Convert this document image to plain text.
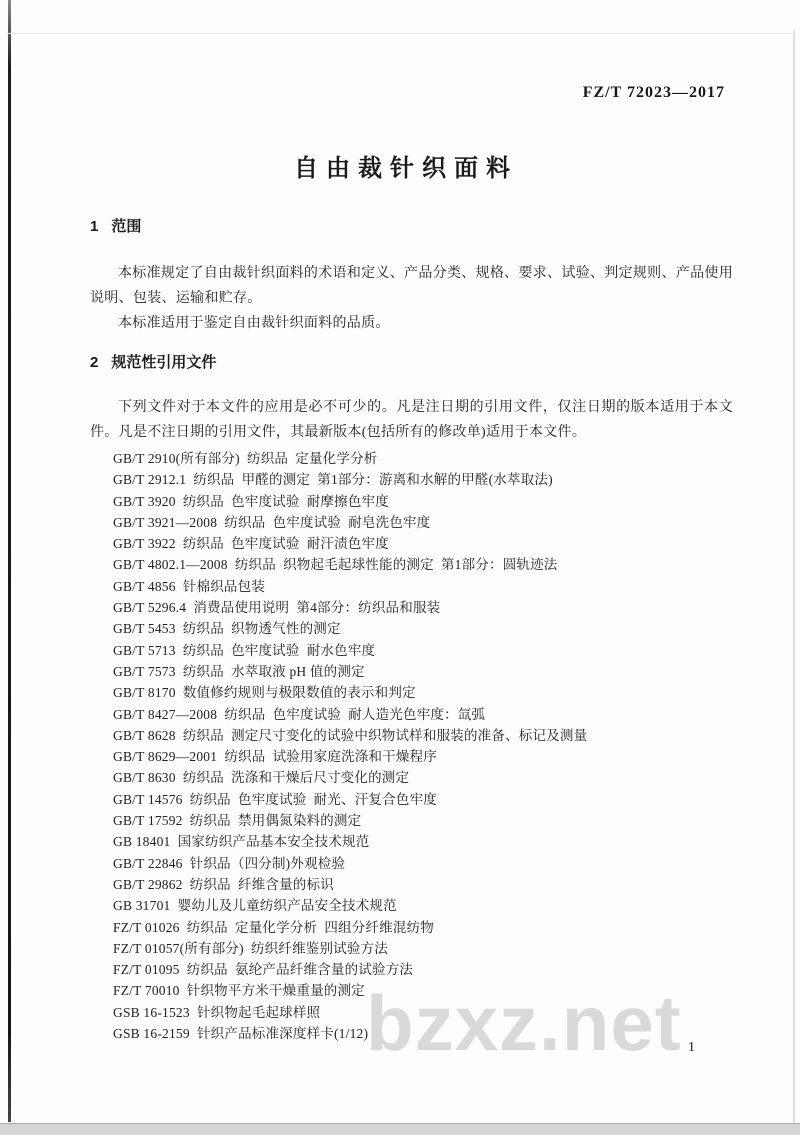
bzxz.net
FZ/T 72023—2017
自由裁针织面料
1 范围

本标准规定了自由裁针织面料的术语和定义、产品分类、规格、要求、试验、判定规则、产品使用说明、包装、运输和贮存。

本标准适用于鉴定自由裁针织面料的品质。

2 规范性引用文件

下列文件对于本文件的应用是必不可少的。凡是注日期的引用文件，仅注日期的版本适用于本文件。凡是不注日期的引用文件，其最新版本(包括所有的修改单)适用于本文件。

GB/T 2910(所有部分)  纺织品  定量化学分析
GB/T 2912.1  纺织品  甲醛的测定  第1部分：游离和水解的甲醛(水萃取法)
GB/T 3920  纺织品  色牢度试验  耐摩擦色牢度
GB/T 3921—2008  纺织品  色牢度试验  耐皂洗色牢度
GB/T 3922  纺织品  色牢度试验  耐汗渍色牢度
GB/T 4802.1—2008  纺织品  织物起毛起球性能的测定  第1部分：圆轨迹法
GB/T 4856  针棉织品包装
GB/T 5296.4  消费品使用说明  第4部分：纺织品和服装
GB/T 5453  纺织品  织物透气性的测定
GB/T 5713  纺织品  色牢度试验  耐水色牢度
GB/T 7573  纺织品  水萃取液 pH 值的测定
GB/T 8170  数值修约规则与极限数值的表示和判定
GB/T 8427—2008  纺织品  色牢度试验  耐人造光色牢度：氙弧
GB/T 8628  纺织品  测定尺寸变化的试验中织物试样和服装的准备、标记及测量
GB/T 8629—2001  纺织品  试验用家庭洗涤和干燥程序
GB/T 8630  纺织品  洗涤和干燥后尺寸变化的测定
GB/T 14576  纺织品  色牢度试验  耐光、汗复合色牢度
GB/T 17592  纺织品  禁用偶氮染料的测定
GB 18401  国家纺织产品基本安全技术规范
GB/T 22846  针织品（四分制)外观检验
GB/T 29862  纺织品  纤维含量的标识
GB 31701  婴幼儿及儿童纺织产品安全技术规范
FZ/T 01026  纺织品  定量化学分析  四组分纤维混纺物
FZ/T 01057(所有部分)  纺织纤维鉴别试验方法
FZ/T 01095  纺织品  氨纶产品纤维含量的试验方法
FZ/T 70010  针织物平方米干燥重量的测定
GSB 16-1523  针织物起毛起球样照
GSB 16-2159  针织产品标准深度样卡(1/12)
1
